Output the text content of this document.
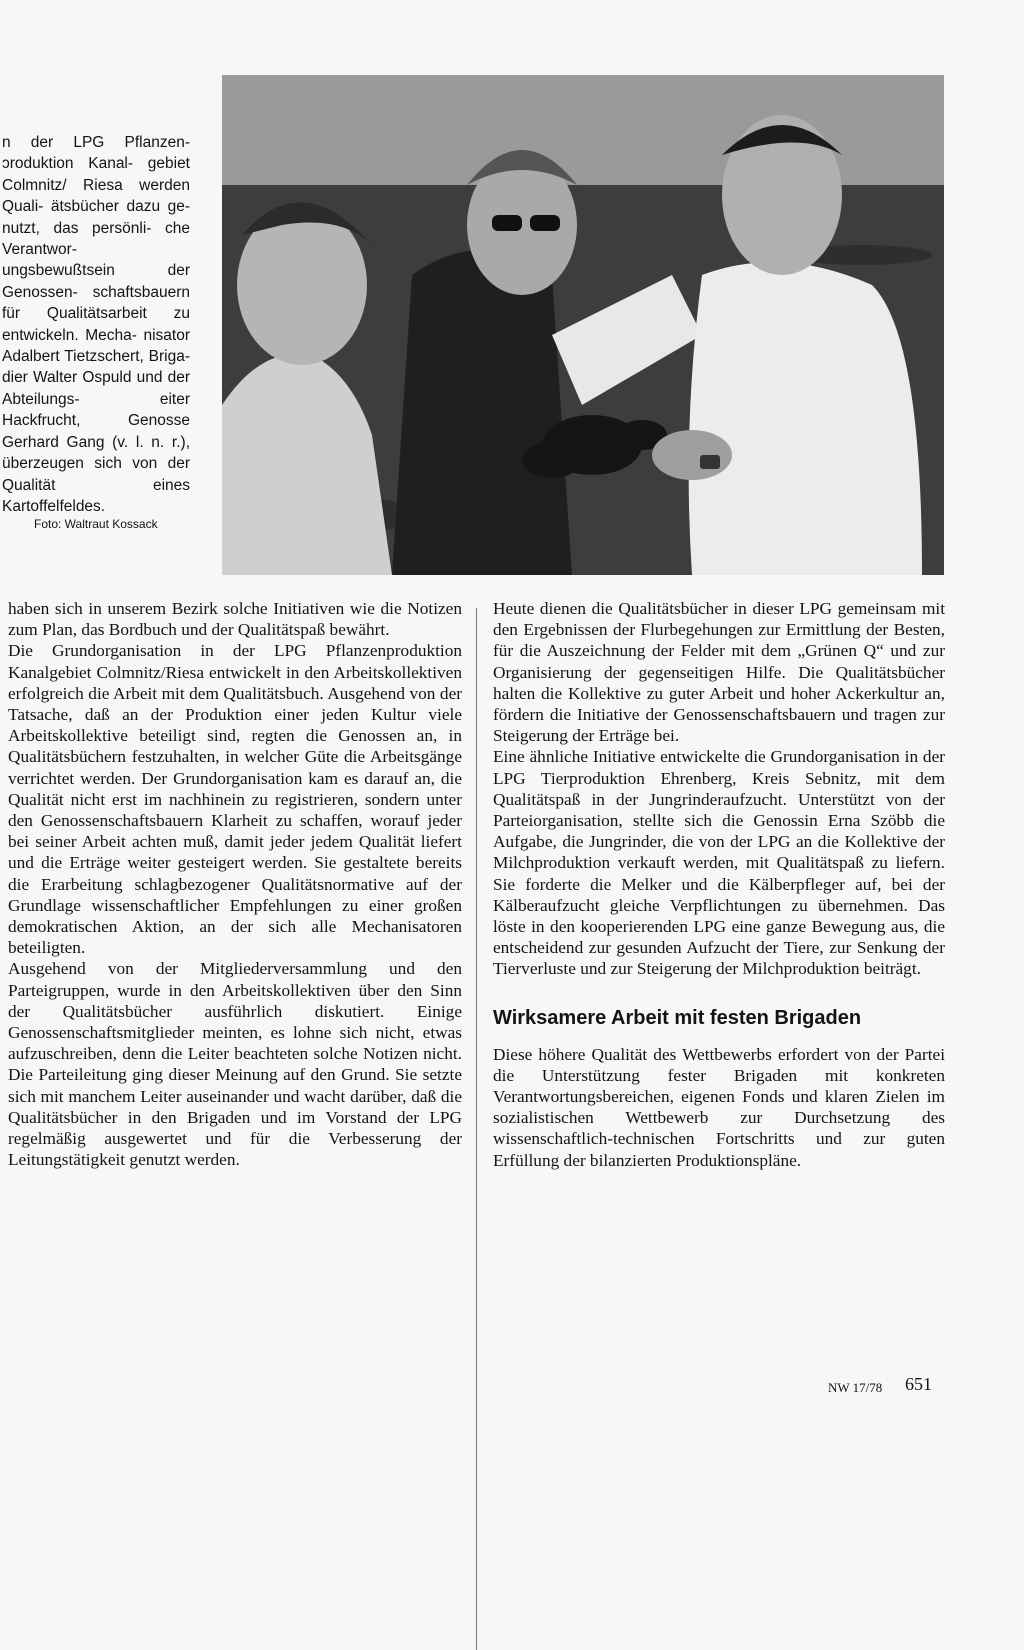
n der LPG Pflanzen- ɔroduktion Kanal- gebiet Colmnitz/ Riesa werden Quali- ätsbücher dazu ge- nutzt, das persönli- che Verantwor- ungsbewußtsein der Genossen- schaftsbauern für Qualitätsarbeit zu entwickeln. Mecha- nisator Adalbert Tietzschert, Briga- dier Walter Ospuld und der Abteilungs- eiter Hackfrucht, Genosse Gerhard Gang (v. l. n. r.), überzeugen sich von der Qualität eines Kartoffelfeldes.
Foto: Waltraut Kossack

haben sich in unserem Bezirk solche Initiativen wie die Notizen zum Plan, das Bordbuch und der Qualitätspaß bewährt.

Die Grundorganisation in der LPG Pflanzenproduktion Kanalgebiet Colmnitz/Riesa entwickelt in den Arbeitskollektiven erfolgreich die Arbeit mit dem Qualitätsbuch. Ausgehend von der Tatsache, daß an der Produktion einer jeden Kultur viele Arbeitskollektive beteiligt sind, regten die Genossen an, in Qualitätsbüchern festzuhalten, in welcher Güte die Arbeitsgänge verrichtet werden. Der Grundorganisation kam es darauf an, die Qualität nicht erst im nachhinein zu registrieren, sondern unter den Genossenschaftsbauern Klarheit zu schaffen, worauf jeder bei seiner Arbeit achten muß, damit jeder jedem Qualität liefert und die Erträge weiter gesteigert werden. Sie gestaltete bereits die Erarbeitung schlagbezogener Qualitätsnormative auf der Grundlage wissenschaftlicher Empfehlungen zu einer großen demokratischen Aktion, an der sich alle Mechanisatoren beteiligten.

Ausgehend von der Mitgliederversammlung und den Parteigruppen, wurde in den Arbeitskollektiven über den Sinn der Qualitätsbücher ausführlich diskutiert. Einige Genossenschaftsmitglieder meinten, es lohne sich nicht, etwas aufzuschreiben, denn die Leiter beachteten solche Notizen nicht. Die Parteileitung ging dieser Meinung auf den Grund. Sie setzte sich mit manchem Leiter auseinander und wacht darüber, daß die Qualitätsbücher in den Brigaden und im Vorstand der LPG regelmäßig ausgewertet und für die Verbesserung der Leitungstätigkeit genutzt werden.

Heute dienen die Qualitätsbücher in dieser LPG gemeinsam mit den Ergebnissen der Flurbegehungen zur Ermittlung der Besten, für die Auszeichnung der Felder mit dem „Grünen Q“ und zur Organisierung der gegenseitigen Hilfe. Die Qualitätsbücher halten die Kollektive zu guter Arbeit und hoher Ackerkultur an, fördern die Initiative der Genossenschaftsbauern und tragen zur Steigerung der Erträge bei.

Eine ähnliche Initiative entwickelte die Grundorganisation in der LPG Tierproduktion Ehrenberg, Kreis Sebnitz, mit dem Qualitätspaß in der Jungrinderaufzucht. Unterstützt von der Parteiorganisation, stellte sich die Genossin Erna Szöbb die Aufgabe, die Jungrinder, die von der LPG an die Kollektive der Milchproduktion verkauft werden, mit Qualitätspaß zu liefern. Sie forderte die Melker und die Kälberpfleger auf, bei der Kälberaufzucht gleiche Verpflichtungen zu übernehmen. Das löste in den kooperierenden LPG eine ganze Bewegung aus, die entscheidend zur gesunden Aufzucht der Tiere, zur Senkung der Tierverluste und zur Steigerung der Milchproduktion beiträgt.

Wirksamere Arbeit mit festen Brigaden

Diese höhere Qualität des Wettbewerbs erfordert von der Partei die Unterstützung fester Brigaden mit konkreten Verantwortungsbereichen, eigenen Fonds und klaren Zielen im sozialistischen Wettbewerb zur Durchsetzung des wissenschaftlich-technischen Fortschritts und zur guten Erfüllung der bilanzierten Produktionspläne.

NW 17/78 651
